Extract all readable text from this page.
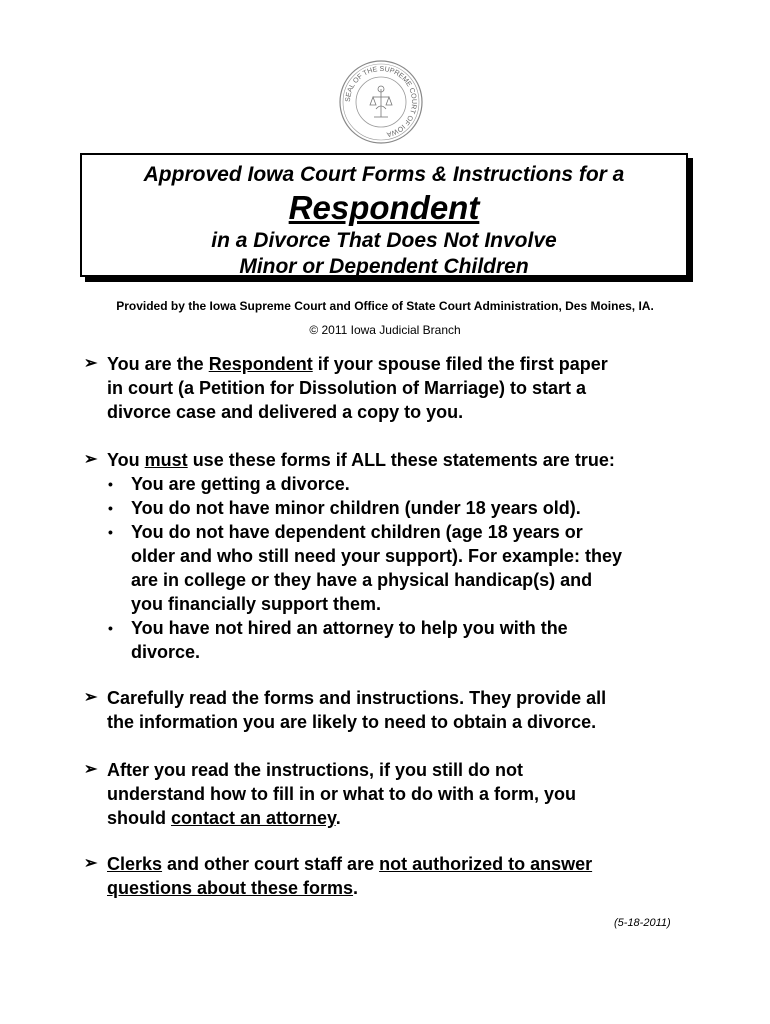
SEAL OF THE SUPREME COURT OF IOWA
Approved Iowa Court Forms & Instructions for a
Respondent
in a Divorce That Does Not Involve
Minor or Dependent Children
Provided by the Iowa Supreme Court and Office of State Court Administration, Des Moines, IA.
© 2011 Iowa Judicial Branch
➢ You are the Respondent if your spouse filed the first paper
in court (a Petition for Dissolution of Marriage) to start a
divorce case and delivered a copy to you.
➢ You must use these forms if ALL these statements are true:
• You are getting a divorce.
• You do not have minor children (under 18 years old).
• You do not have dependent children (age 18 years or
older and who still need your support). For example: they
are in college or they have a physical handicap(s) and
you financially support them.
• You have not hired an attorney to help you with the
divorce.
➢ Carefully read the forms and instructions. They provide all
the information you are likely to need to obtain a divorce.
➢ After you read the instructions, if you still do not
understand how to fill in or what to do with a form, you
should contact an attorney.
➢ Clerks and other court staff are not authorized to answer
questions about these forms.
(5-18-2011)
